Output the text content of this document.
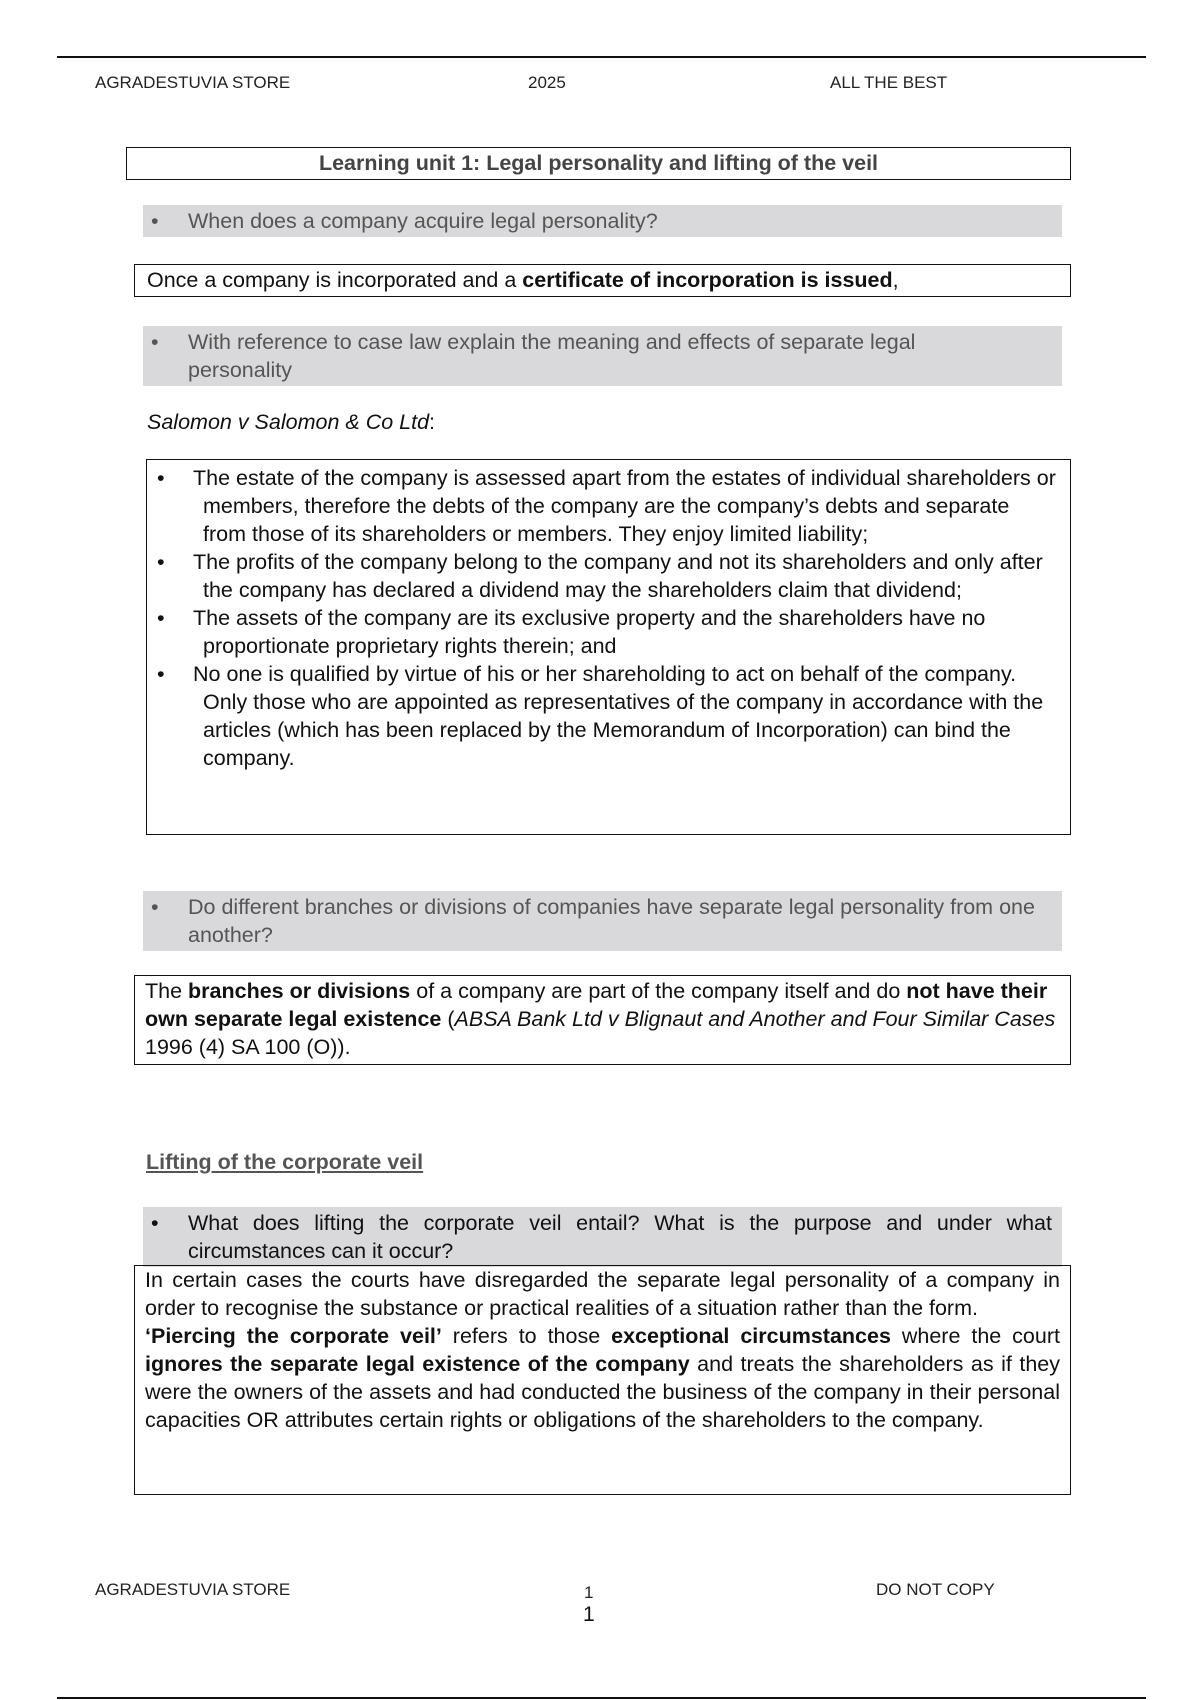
AGRADESTUVIA STORE	2025	ALL THE BEST
Learning unit 1: Legal personality and lifting of the veil
• When does a company acquire legal personality?
Once a company is incorporated and a certificate of incorporation is issued,
• With reference to case law explain the meaning and effects of separate legal personality
Salomon v Salomon & Co Ltd:
• The estate of the company is assessed apart from the estates of individual shareholders or members, therefore the debts of the company are the company’s debts and separate from those of its shareholders or members. They enjoy limited liability;
• The profits of the company belong to the company and not its shareholders and only after the company has declared a dividend may the shareholders claim that dividend;
• The assets of the company are its exclusive property and the shareholders have no proportionate proprietary rights therein; and
• No one is qualified by virtue of his or her shareholding to act on behalf of the company. Only those who are appointed as representatives of the company in accordance with the articles (which has been replaced by the Memorandum of Incorporation) can bind the company.
• Do different branches or divisions of companies have separate legal personality from one another?
The branches or divisions of a company are part of the company itself and do not have their own separate legal existence (ABSA Bank Ltd v Blignaut and Another and Four Similar Cases 1996 (4) SA 100 (O)).
Lifting of the corporate veil
• What does lifting the corporate veil entail? What is the purpose and under what circumstances can it occur?
In certain cases the courts have disregarded the separate legal personality of a company in order to recognise the substance or practical realities of a situation rather than the form.
‘Piercing the corporate veil’ refers to those exceptional circumstances where the court ignores the separate legal existence of the company and treats the shareholders as if they were the owners of the assets and had conducted the business of the company in their personal capacities OR attributes certain rights or obligations of the shareholders to the company.
AGRADESTUVIA STORE	1
1
DO NOT COPY
